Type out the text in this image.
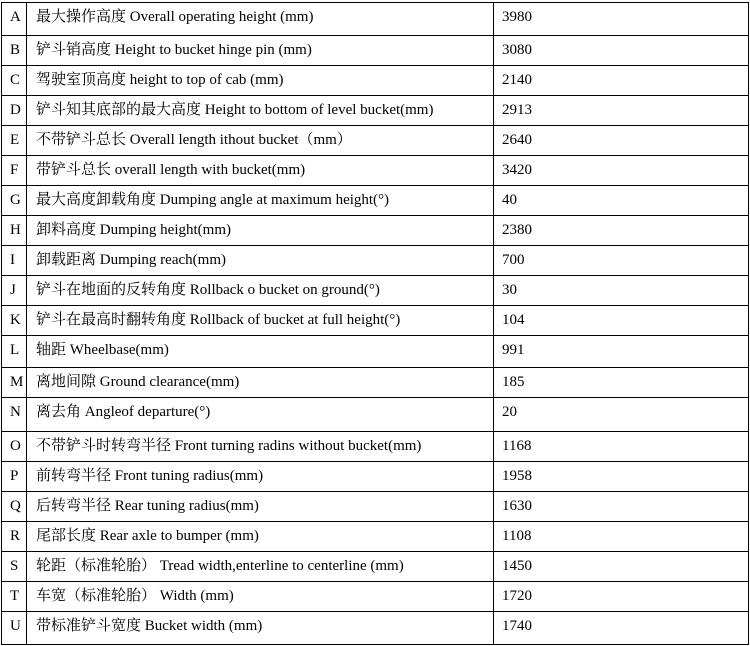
A	最大操作高度 Overall operating height (mm)	3980
B	铲斗销高度 Height to bucket hinge pin (mm)	3080
C	驾驶室顶高度 height to top of cab (mm)	2140
D	铲斗知其底部的最大高度 Height to bottom of level bucket(mm)	2913
E	不带铲斗总长 Overall length ithout bucket（mm）	2640
F	带铲斗总长 overall length with bucket(mm)	3420
G	最大高度卸载角度 Dumping angle at maximum height(°)	40
H	卸料高度 Dumping height(mm)	2380
I	卸载距离 Dumping reach(mm)	700
J	铲斗在地面的反转角度 Rollback o bucket on ground(°)	30
K	铲斗在最高时翻转角度 Rollback of bucket at full height(°)	104
L	轴距 Wheelbase(mm)	991
M	离地间隙 Ground clearance(mm)	185
N	离去角 Angleof departure(°)	20
O	不带铲斗时转弯半径 Front turning radins without bucket(mm)	1168
P	前转弯半径 Front tuning radius(mm)	1958
Q	后转弯半径 Rear tuning radius(mm)	1630
R	尾部长度 Rear axle to bumper (mm)	1108
S	轮距（标准轮胎） Tread width,enterline to centerline (mm)	1450
T	车宽（标准轮胎） Width (mm)	1720
U	带标准铲斗宽度 Bucket width (mm)	1740
